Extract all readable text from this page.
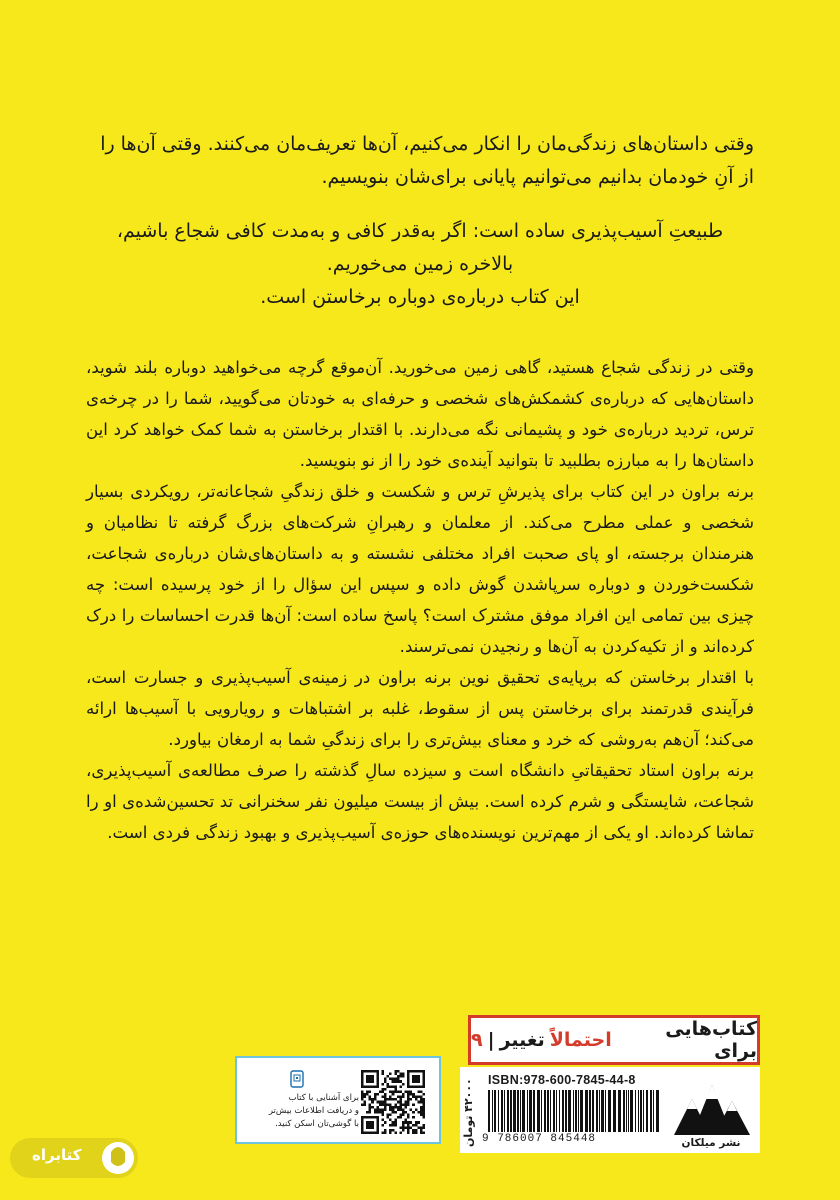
وقتی داستان‌های زندگی‌مان را انکار می‌کنیم، آن‌ها تعریف‌مان می‌کنند. وقتی آن‌ها را

از آنِ خودمان بدانیم می‌توانیم پایانی برای‌شان بنویسیم.

طبیعتِ آسیب‌پذیری ساده است: اگر به‌قدر کافی و به‌مدت کافی شجاع باشیم،

بالاخره زمین می‌خوریم.

این کتاب درباره‌ی دوباره برخاستن است.

وقتی در زندگی شجاع هستید، گاهی زمین می‌خورید. آن‌موقع گرچه می‌خواهید دوباره بلند شوید، داستان‌هایی که درباره‌ی کشمکش‌های شخصی و حرفه‌ای به خودتان می‌گویید، شما را در چرخه‌ی ترس، تردید درباره‌ی خود و پشیمانی نگه می‌دارند. با اقتدار برخاستن به شما کمک خواهد کرد این داستان‌ها را به مبارزه بطلبید تا بتوانید آینده‌ی خود را از نو بنویسید.

برنه براون در این کتاب برای پذیرشِ ترس و شکست و خلق زندگیِ شجاعانه‌تر، رویکردی بسیار شخصی و عملی مطرح می‌کند. از معلمان و رهبرانِ شرکت‌های بزرگ گرفته تا نظامیان و هنرمندان برجسته، او پای صحبت افراد مختلفی نشسته و به داستان‌های‌شان درباره‌ی شجاعت، شکست‌خوردن و دوباره سرپاشدن گوش داده و سپس این سؤال را از خود پرسیده است: چه چیزی بین تمامی این افراد موفق مشترک است؟ پاسخ ساده است: آن‌ها قدرت احساسات را درک کرده‌اند و از تکیه‌کردن به آن‌ها و رنجیدن نمی‌ترسند.

با اقتدار برخاستن که برپایه‌ی تحقیق نوین برنه براون در زمینه‌ی آسیب‌پذیری و جسارت است، فرآیندی قدرتمند برای برخاستن پس از سقوط، غلبه بر اشتباهات و رویارویی با آسیب‌ها ارائه می‌کند؛ آن‌هم به‌روشی که خرد و معنای بیش‌تری را برای زندگیِ شما به ارمغان بیاورد.

برنه براون استاد تحقیقاتیِ دانشگاه است و سیزده سالِ گذشته را صرف مطالعه‌ی آسیب‌پذیری، شجاعت، شایستگی و شرم کرده است. بیش از بیست میلیون نفر سخنرانی تد تحسین‌شده‌ی او را تماشا کرده‌اند. او یکی از مهم‌ترین نویسنده‌های حوزه‌ی آسیب‌پذیری و بهبود زندگی فردی است.

کتاب‌هایی برای
احتمالاً
تغییر
|
۹
۴۲۰۰۰ تومان	ISBN:978-600-7845-44-8
9 786007 845448	نشر میلکان
برای آشنایی با کتاب
و دریافت اطلاعات بیش‌تر
با گوشی‌تان اسکن کنید.
کتابراه
